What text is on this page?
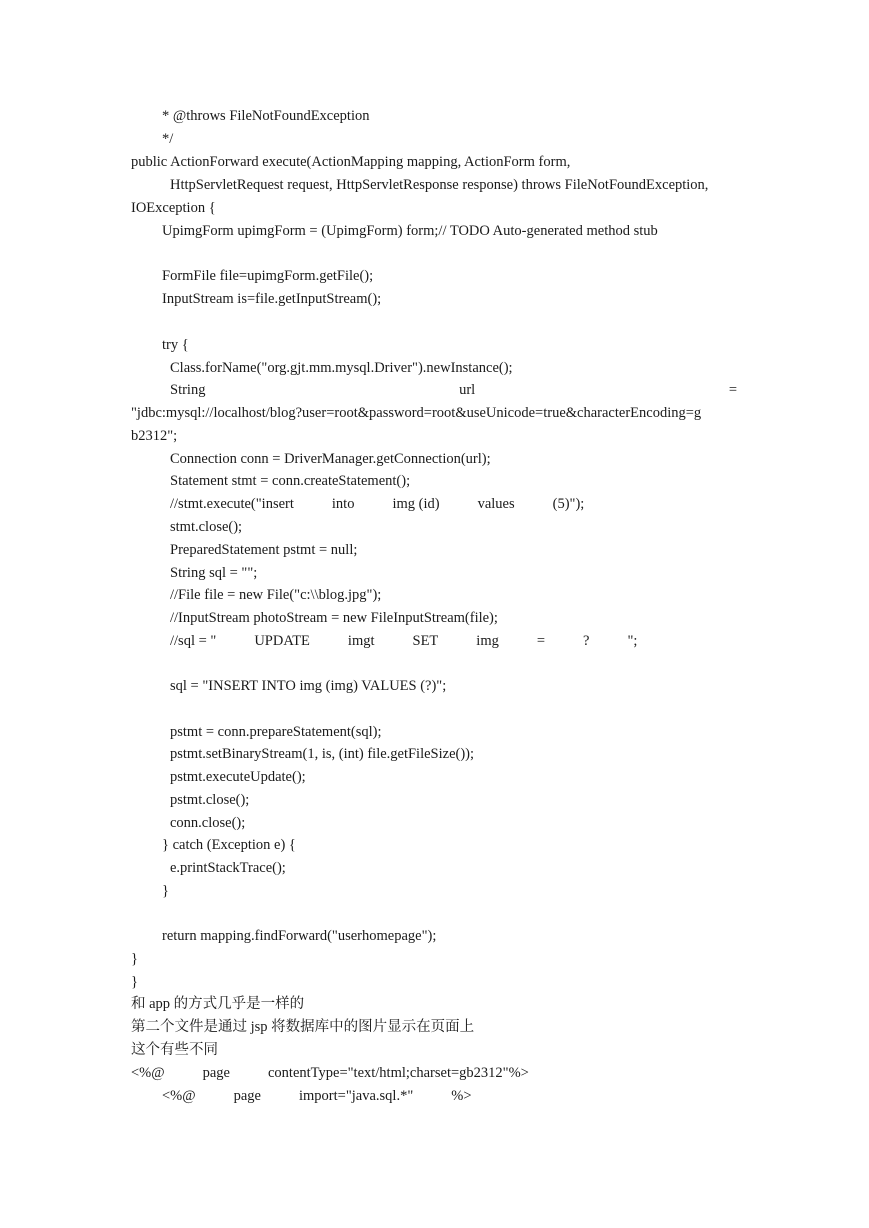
* @throws FileNotFoundException
*/
public ActionForward execute(ActionMapping mapping, ActionForm form,
HttpServletRequest request, HttpServletResponse response) throws FileNotFoundException,
IOException {
UpimgForm upimgForm = (UpimgForm) form;// TODO Auto-generated method stub
FormFile file=upimgForm.getFile();
InputStream is=file.getInputStream();
try {
Class.forName("org.gjt.mm.mysql.Driver").newInstance();
String	url	=
"jdbc:mysql://localhost/blog?user=root&password=root&useUnicode=true&characterEncoding=g
b2312";
Connection conn = DriverManager.getConnection(url);
Statement stmt = conn.createStatement();
//stmt.execute("insert	into	img (id)	values	(5)");
stmt.close();
PreparedStatement pstmt = null;
String sql = "";
//File file = new File("c:\\blog.jpg");
//InputStream photoStream = new FileInputStream(file);
//sql = "	UPDATE	imgt	SET	img	=	?	";
sql = "INSERT INTO img (img) VALUES (?)";
pstmt = conn.prepareStatement(sql);
pstmt.setBinaryStream(1, is, (int) file.getFileSize());
pstmt.executeUpdate();
pstmt.close();
conn.close();
} catch (Exception e) {
e.printStackTrace();
}
return mapping.findForward("userhomepage");
}
}
和 app 的方式几乎是一样的
第二个文件是通过 jsp 将数据库中的图片显示在页面上
这个有些不同
<%@	page	contentType="text/html;charset=gb2312"%>
<%@	page	import="java.sql.*"	%>
